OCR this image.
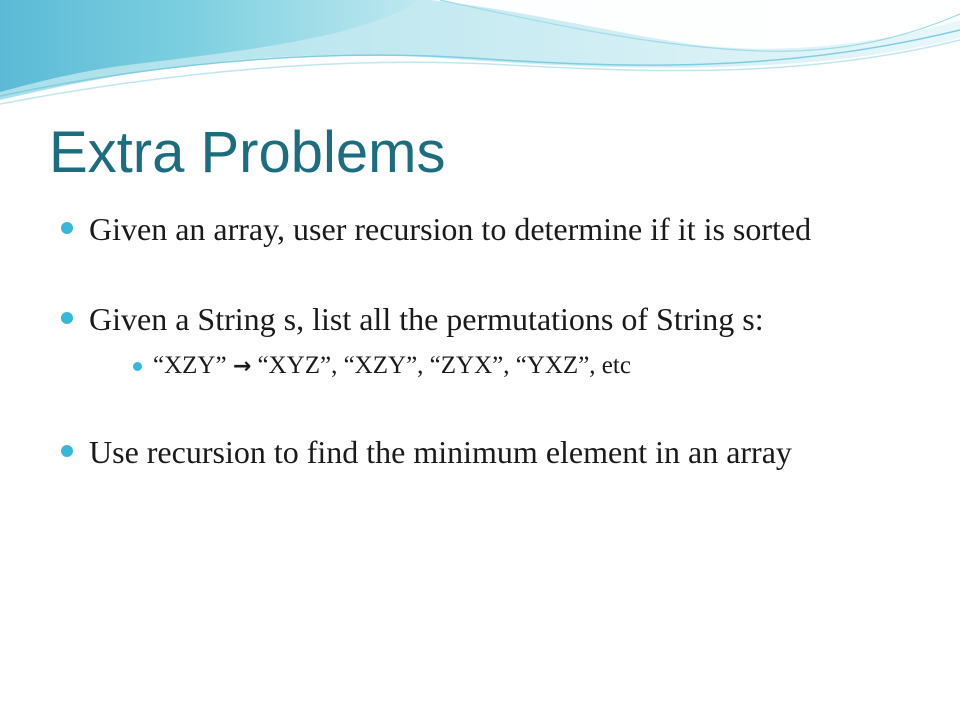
Extra Problems
Given an array, user recursion to determine if it is sorted
Given a String s, list all the permutations of String s:
“XZY” → “XYZ”, “XZY”, “ZYX”, “YXZ”, etc
Use recursion to find the minimum element in an array
